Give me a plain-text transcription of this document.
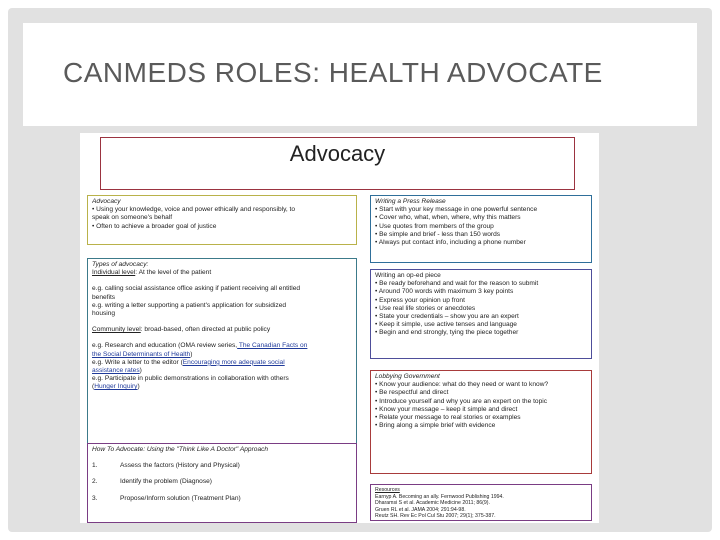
CANMEDS ROLES: HEALTH ADVOCATE
Advocacy
Advocacy
• Using your knowledge, voice and power ethically and responsibly, to
speak on someone's behalf
• Often to achieve a broader goal of justice
Types of advocacy:
Individual level: At the level of the patient
e.g. calling social assistance office asking if patient receiving all entitled
benefits
e.g. writing a letter supporting a patient's application for subsidized
housing
Community level: broad-based, often directed at public policy
e.g. Research and education (OMA review series, The Canadian Facts on
the Social Determinants of Health)
e.g. Write a letter to the editor (Encouraging more adequate social
assistance rates)
e.g. Participate in public demonstrations in collaboration with others
(Hunger Inquiry)
How To Advocate: Using the "Think Like A Doctor" Approach
1.	Assess the factors (History and Physical)
2.	Identify the problem (Diagnose)
3.	Propose/Inform solution (Treatment Plan)
Writing a Press Release
• Start with your key message in one powerful sentence
• Cover who, what, when, where, why this matters
• Use quotes from members of the group
• Be simple and brief - less than 150 words
• Always put contact info, including a phone number
Writing an op-ed piece
• Be ready beforehand and wait for the reason to submit
• Around 700 words with maximum 3 key points
• Express your opinion up front
• Use real life stories or anecdotes
• State your credentials – show you are an expert
• Keep it simple, use active tenses and language
• Begin and end strongly, tying the piece together
Lobbying Government
• Know your audience: what do they need or want to know?
• Be respectful and direct
• Introduce yourself and why you are an expert on the topic
• Know your message – keep it simple and direct
• Relate your message to real stories or examples
• Bring along a simple brief with evidence
Resources
Earnyp A. Becoming an ally. Fernwood Publishing 1994.
Dharamsi S et al. Academic Medicine 2011; 86(9).
Gruen RL et al. JAMA 2004; 291:94-98.
Reutz SH. Rev Ec Pol Cul Stu 2007; 29(1); 375-387.
